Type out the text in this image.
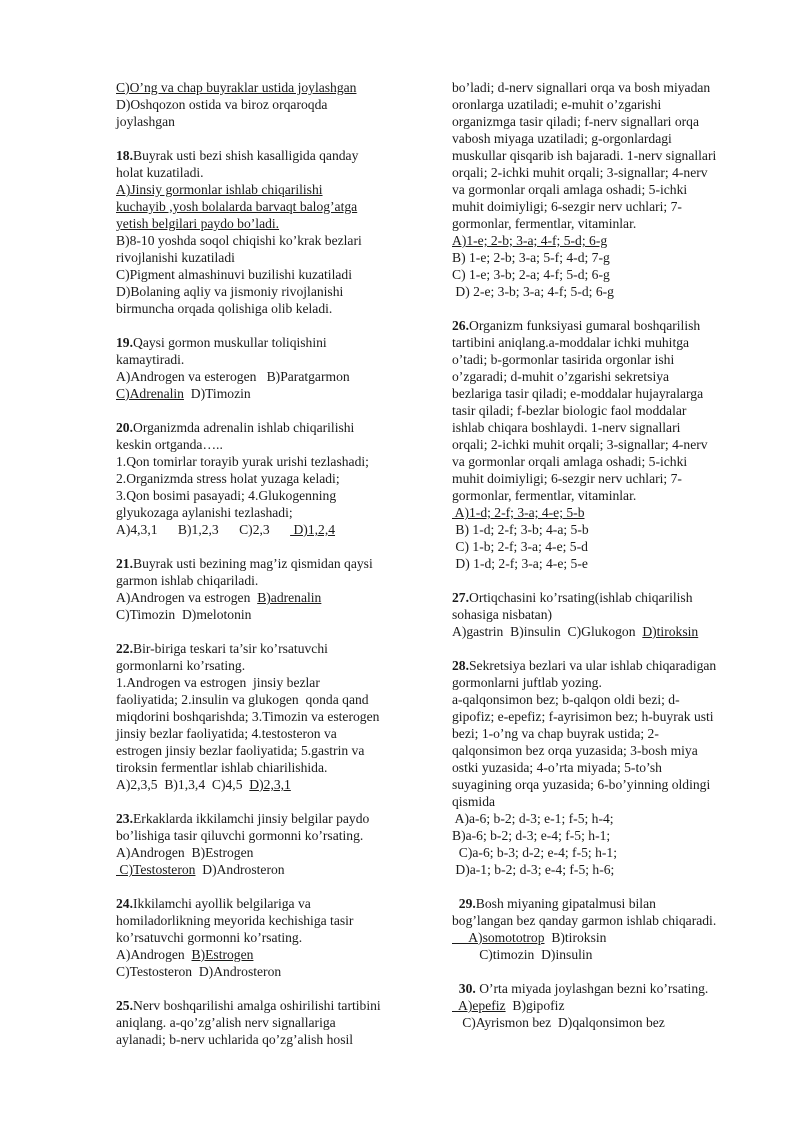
C)O’ng va chap buyraklar ustida joylashgan
D)Oshqozon ostida va biroz orqaroqda
joylashgan
18.Buyrak usti bezi shish kasalligida qanday
holat kuzatiladi.
A)Jinsiy gormonlar ishlab chiqarilishi
kuchayib ,yosh bolalarda barvaqt balog’atga
yetish belgilari paydo bo’ladi.
B)8-10 yoshda soqol chiqishi ko’krak bezlari
rivojlanishi kuzatiladi
C)Pigment almashinuvi buzilishi kuzatiladi
D)Bolaning aqliy va jismoniy rivojlanishi
birmuncha orqada qolishiga olib keladi.
19.Qaysi gormon muskullar toliqishini
kamaytiradi.
A)Androgen va esterogen   B)Paratgarmon
C)Adrenalin  D)Timozin
20.Organizmda adrenalin ishlab chiqarilishi
keskin ortganda…..
1.Qon tomirlar torayib yurak urishi tezlashadi;
2.Organizmda stress holat yuzaga keladi;
3.Qon bosimi pasayadi; 4.Glukogenning
glyukozaga aylanishi tezlashadi;
A)4,3,1      B)1,2,3      C)2,3       D)1,2,4
21.Buyrak usti bezining mag’iz qismidan qaysi
garmon ishlab chiqariladi.
A)Androgen va estrogen  B)adrenalin
C)Timozin  D)melotonin
22.Bir-biriga teskari ta’sir ko’rsatuvchi
gormonlarni ko’rsating.
1.Androgen va estrogen  jinsiy bezlar
faoliyatida; 2.insulin va glukogen  qonda qand
miqdorini boshqarishda; 3.Timozin va esterogen
jinsiy bezlar faoliyatida; 4.testosteron va
estrogen jinsiy bezlar faoliyatida; 5.gastrin va
tiroksin fermentlar ishlab chiarilishida.
A)2,3,5  B)1,3,4  C)4,5  D)2,3,1
23.Erkaklarda ikkilamchi jinsiy belgilar paydo
bo’lishiga tasir qiluvchi gormonni ko’rsating.
A)Androgen  B)Estrogen
C)Testosteron  D)Androsteron
24.Ikkilamchi ayollik belgilariga va
homiladorlikning meyorida kechishiga tasir
ko’rsatuvchi gormonni ko’rsating.
A)Androgen  B)Estrogen
C)Testosteron  D)Androsteron
25.Nerv boshqarilishi amalga oshirilishi tartibini
aniqlang. a-qo’zg’alish nerv signallariga
aylanadi; b-nerv uchlarida qo’zg’alish hosil
bo’ladi; d-nerv signallari orqa va bosh miyadan
oronlarga uzatiladi; e-muhit o’zgarishi
organizmga tasir qiladi; f-nerv signallari orqa
vabosh miyaga uzatiladi; g-orgonlardagi
muskullar qisqarib ish bajaradi. 1-nerv signallari
orqali; 2-ichki muhit orqali; 3-signallar; 4-nerv
va gormonlar orqali amlaga oshadi; 5-ichki
muhit doimiyligi; 6-sezgir nerv uchlari; 7-
gormonlar, fermentlar, vitaminlar.
A)1-e; 2-b; 3-a; 4-f; 5-d; 6-g
B) 1-e; 2-b; 3-a; 5-f; 4-d; 7-g
C) 1-e; 3-b; 2-a; 4-f; 5-d; 6-g
D) 2-e; 3-b; 3-a; 4-f; 5-d; 6-g
26.Organizm funksiyasi gumaral boshqarilish
tartibini aniqlang.a-moddalar ichki muhitga
o’tadi; b-gormonlar tasirida orgonlar ishi
o’zgaradi; d-muhit o’zgarishi sekretsiya
bezlariga tasir qiladi; e-moddalar hujayralarga
tasir qiladi; f-bezlar biologic faol moddalar
ishlab chiqara boshlaydi. 1-nerv signallari
orqali; 2-ichki muhit orqali; 3-signallar; 4-nerv
va gormonlar orqali amlaga oshadi; 5-ichki
muhit doimiyligi; 6-sezgir nerv uchlari; 7-
gormonlar, fermentlar, vitaminlar.
A)1-d; 2-f; 3-a; 4-e; 5-b
B) 1-d; 2-f; 3-b; 4-a; 5-b
C) 1-b; 2-f; 3-a; 4-e; 5-d
D) 1-d; 2-f; 3-a; 4-e; 5-e
27.Ortiqchasini ko’rsating(ishlab chiqarilish
sohasiga nisbatan)
A)gastrin  B)insulin  C)Glukogon  D)tiroksin
28.Sekretsiya bezlari va ular ishlab chiqaradigan
gormonlarni juftlab yozing.
a-qalqonsimon bez; b-qalqon oldi bezi; d-
gipofiz; e-epefiz; f-ayrisimon bez; h-buyrak usti
bezi; 1-o’ng va chap buyrak ustida; 2-
qalqonsimon bez orqa yuzasida; 3-bosh miya
ostki yuzasida; 4-o’rta miyada; 5-to’sh
suyagining orqa yuzasida; 6-bo’yinning oldingi
qismida
A)a-6; b-2; d-3; e-1; f-5; h-4;
B)a-6; b-2; d-3; e-4; f-5; h-1;
C)a-6; b-3; d-2; e-4; f-5; h-1;
D)a-1; b-2; d-3; e-4; f-5; h-6;
29.Bosh miyaning gipatalmusi bilan
bog’langan bez qanday garmon ishlab chiqaradi.
A)somototrop  B)tiroksin
C)timozin  D)insulin
30. O’rta miyada joylashgan bezni ko’rsating.
A)epefiz  B)gipofiz
C)Ayrismon bez  D)qalqonsimon bez
